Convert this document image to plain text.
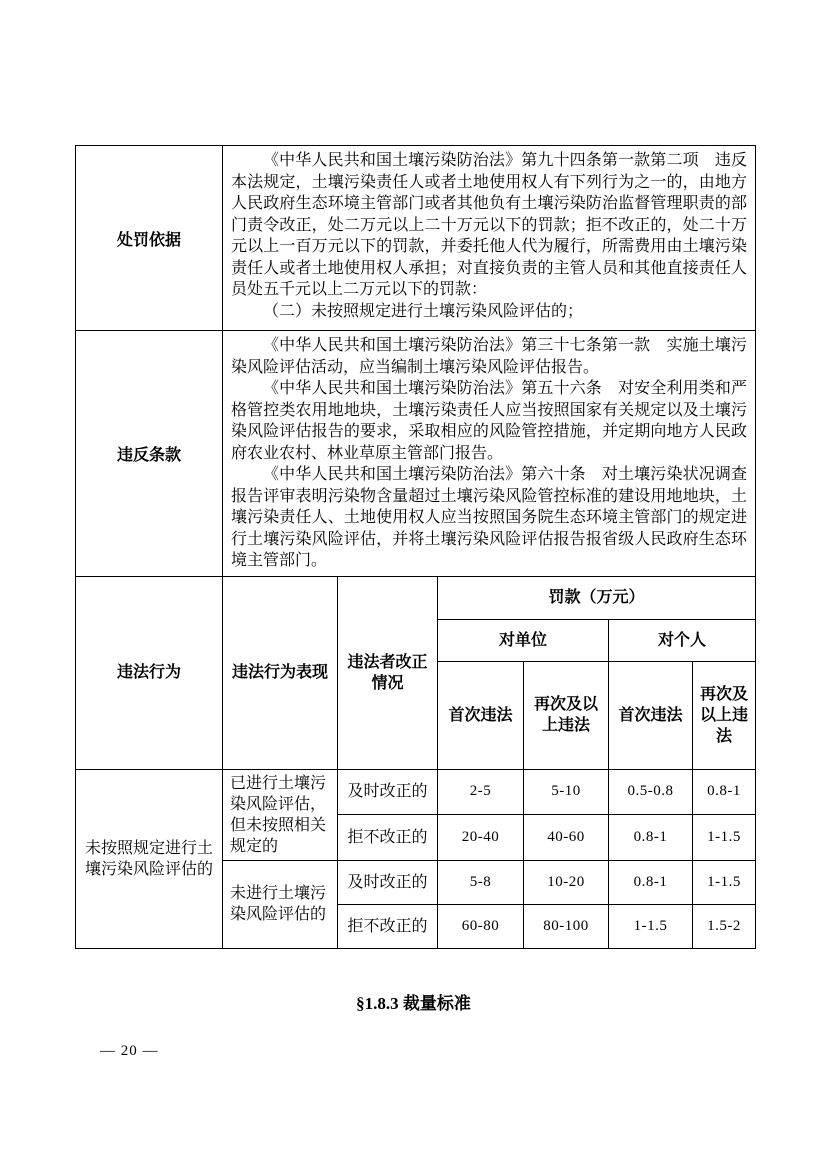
处罚依据	《中华人民共和国土壤污染防治法》第九十四条第一款第二项　违反本法规定，土壤污染责任人或者土地使用权人有下列行为之一的，由地方人民政府生态环境主管部门或者其他负有土壤污染防治监督管理职责的部门责令改正，处二万元以上二十万元以下的罚款；拒不改正的，处二十万元以上一百万元以下的罚款，并委托他人代为履行，所需费用由土壤污染责任人或者土地使用权人承担；对直接负责的主管人员和其他直接责任人员处五千元以上二万元以下的罚款：

（二）未按照规定进行土壤污染风险评估的；					

违反条款	《中华人民共和国土壤污染防治法》第三十七条第一款　实施土壤污染风险评估活动，应当编制土壤污染风险评估报告。

《中华人民共和国土壤污染防治法》第五十六条　对安全利用类和严格管控类农用地地块，土壤污染责任人应当按照国家有关规定以及土壤污染风险评估报告的要求，采取相应的风险管控措施，并定期向地方人民政府农业农村、林业草原主管部门报告。

《中华人民共和国土壤污染防治法》第六十条　对土壤污染状况调查报告评审表明污染物含量超过土壤污染风险管控标准的建设用地地块，土壤污染责任人、土地使用权人应当按照国务院生态环境主管部门的规定进行土壤污染风险评估，并将土壤污染风险评估报告报省级人民政府生态环境主管部门。					

违法行为	违法行为表现	违法者改正情况	罚款（万元）			
			对单位		对个人	
			首次违法	再次及以上违法	首次违法	再次及以上违法
未按照规定进行土壤污染风险评估的	已进行土壤污染风险评估，但未按照相关规定的	及时改正的	2-5	5-10	0.5-0.8	0.8-1
		拒不改正的	20-40	40-60	0.8-1	1-1.5
	未进行土壤污染风险评估的	及时改正的	5-8	10-20	0.8-1	1-1.5
		拒不改正的	60-80	80-100	1-1.5	1.5-2
§1.8.3 裁量标准
— 20 —
